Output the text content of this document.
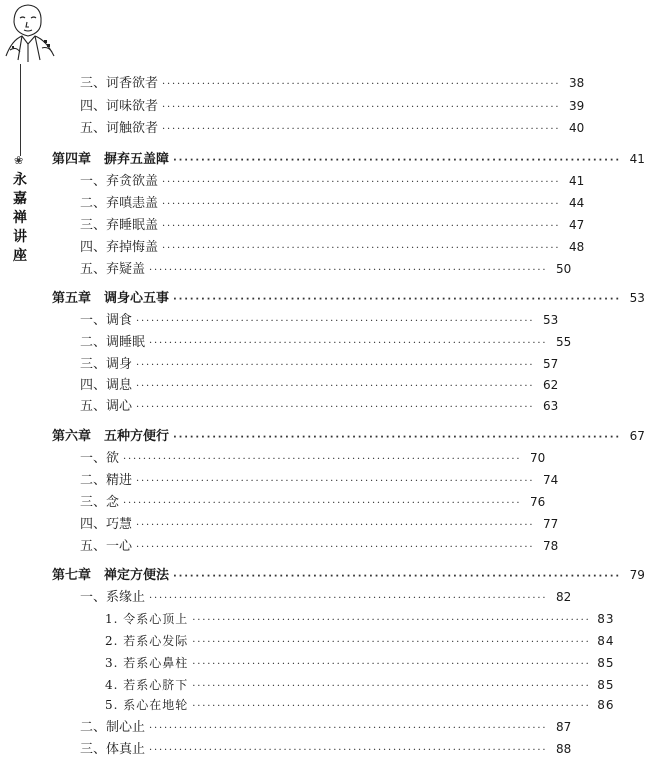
❀
永
嘉
禅
讲
座
三、诃香欲者 ················································································ 38
四、诃味欲者 ················································································ 39
五、诃触欲者 ················································································ 40
第四章　摒弃五盖障 ················································································ 41
一、弃贪欲盖 ················································································ 41
二、弃嗔恚盖 ················································································ 44
三、弃睡眠盖 ················································································ 47
四、弃掉悔盖 ················································································ 48
五、弃疑盖 ················································································ 50
第五章　调身心五事 ················································································ 53
一、调食 ················································································ 53
二、调睡眠 ················································································ 55
三、调身 ················································································ 57
四、调息 ················································································ 62
五、调心 ················································································ 63
第六章　五种方便行 ················································································ 67
一、欲 ················································································ 70
二、精进 ················································································ 74
三、念 ················································································ 76
四、巧慧 ················································································ 77
五、一心 ················································································ 78
第七章　禅定方便法 ················································································ 79
一、系缘止 ················································································ 82
1. 令系心顶上 ················································································ 83
2. 若系心发际 ················································································ 84
3. 若系心鼻柱 ················································································ 85
4. 若系心脐下 ················································································ 85
5. 系心在地轮 ················································································ 86
二、制心止 ················································································ 87
三、体真止 ················································································ 88
